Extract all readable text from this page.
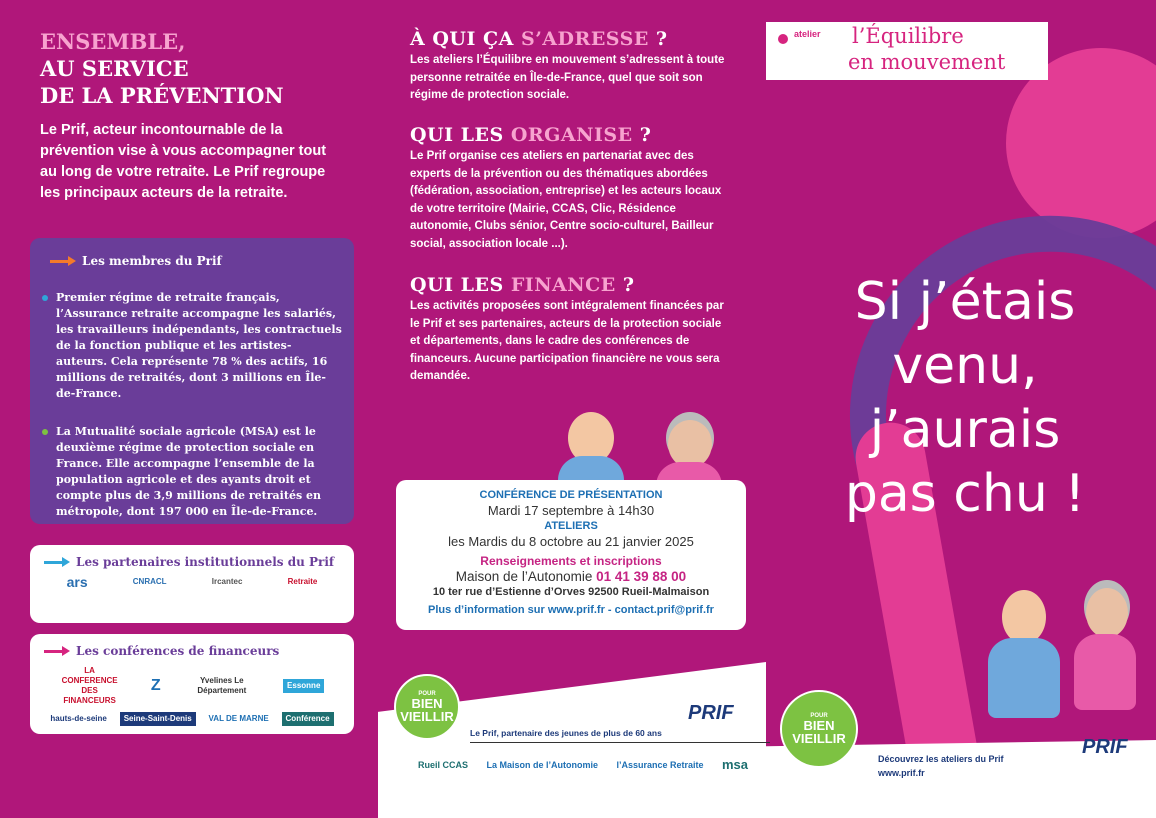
ENSEMBLE,
AU SERVICE
DE LA PRÉVENTION
Le Prif, acteur incontournable de la prévention vise à vous accompagner tout au long de votre retraite. Le Prif regroupe les principaux acteurs de la retraite.
Les membres du Prif
Premier régime de retraite français, l’Assurance retraite accompagne les salariés, les travailleurs indépendants, les contractuels de la fonction publique et les artistes-auteurs. Cela représente 78 % des actifs, 16 millions de retraités, dont 3 millions en Île-de-France.
La Mutualité sociale agricole (MSA) est le deuxième régime de protection sociale en France. Elle accompagne l’ensemble de la population agricole et des ayants droit et compte plus de 3,9 millions de retraités en métropole, dont 197 000 en Île-de-France.
Les partenaires institutionnels du Prif
ars	CNRACL	Ircantec	Retraite
Les conférences de financeurs
LA CONFERENCE DES FINANCEURS
Z	Yvelines Le Département
Essonne
hauts-de-seine	Seine-Saint-Denis	VAL DE MARNE	Conférence
À QUI ÇA S’ADRESSE ?
Les ateliers l’Équilibre en mouvement s’adressent à toute personne retraitée en Île-de-France, quel que soit son régime de protection sociale.
QUI LES ORGANISE ?
Le Prif organise ces ateliers en partenariat avec des experts de la prévention ou des thématiques abordées (fédération, association, entreprise) et les acteurs locaux de votre territoire (Mairie, CCAS, Clic, Résidence autonomie, Clubs sénior, Centre socio-culturel, Bailleur social, association locale ...).
QUI LES FINANCE ?
Les activités proposées sont intégralement financées par le Prif et ses partenaires, acteurs de la protection sociale et départements, dans le cadre des conférences de financeurs. Aucune participation financière ne vous sera demandée.
CONFÉRENCE DE PRÉSENTATION
Mardi 17 septembre à 14h30
ATELIERS
les Mardis du 8 octobre au 21 janvier 2025
Renseignements et inscriptions
Maison de l’Autonomie 01 41 39 88 00
10 ter rue d’Estienne d’Orves 92500 Rueil-Malmaison
Plus d’information sur www.prif.fr - contact.prif@prif.fr	…/ en Personne 360 - 01/2020
POUR
BIEN
VIEILLIR	PRIF
Le Prif, partenaire des jeunes de plus de 60 ans
Rueil CCAS La Maison de l’Autonomie l’Assurance Retraite msa
atelier l’Équilibre
en mouvement
Si j’étais
venu,
j’aurais
pas chu !
POUR
BIEN
VIEILLIR
Découvrez les ateliers du Prif
www.prif.fr
PRIF
